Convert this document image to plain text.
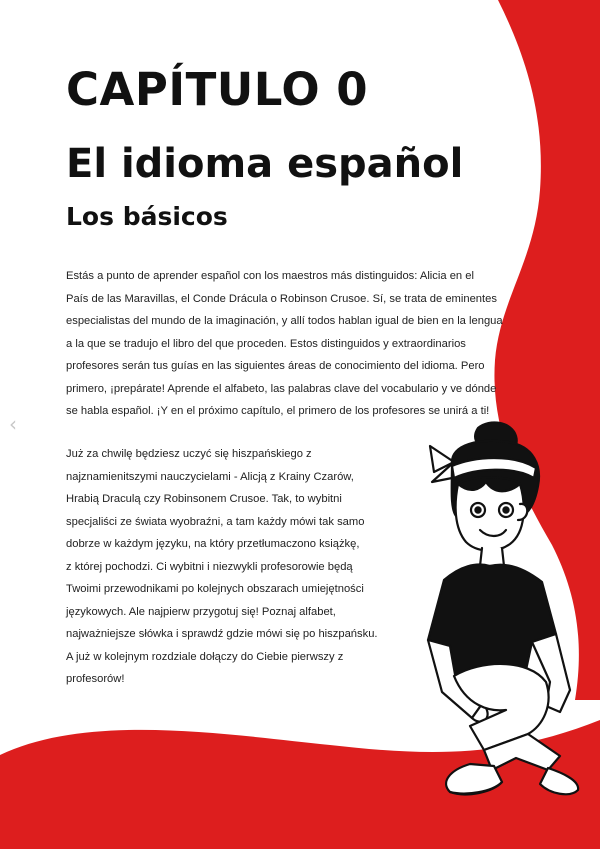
‹
CAPÍTULO 0
El idioma español
Los básicos
Estás a punto de aprender español con los maestros más distinguidos: Alicia en el
País de las Maravillas, el Conde Drácula o Robinson Crusoe. Sí, se trata de eminentes
especialistas del mundo de la imaginación, y allí todos hablan igual de bien en la lengua
a la que se tradujo el libro del que proceden. Estos distinguidos y extraordinarios
profesores serán tus guías en las siguientes áreas de conocimiento del idioma. Pero
primero, ¡prepárate! Aprende el alfabeto, las palabras clave del vocabulario y ve dónde
se habla español. ¡Y en el próximo capítulo, el primero de los profesores se unirá a ti!
Już za chwilę będziesz uczyć się hiszpańskiego z
najznamienitszymi nauczycielami - Alicją z Krainy Czarów,
Hrabią Draculą czy Robinsonem Crusoe. Tak, to wybitni
specjaliści ze świata wyobraźni, a tam każdy mówi tak samo
dobrze w każdym języku, na który przetłumaczono książkę,
z której pochodzi. Ci wybitni i niezwykli profesorowie będą
Twoimi przewodnikami po kolejnych obszarach umiejętności
językowych. Ale najpierw przygotuj się! Poznaj alfabet,
najważniejsze słówka i sprawdź gdzie mówi się po hiszpańsku.
A już w kolejnym rozdziale dołączy do Ciebie pierwszy z
profesorów!
